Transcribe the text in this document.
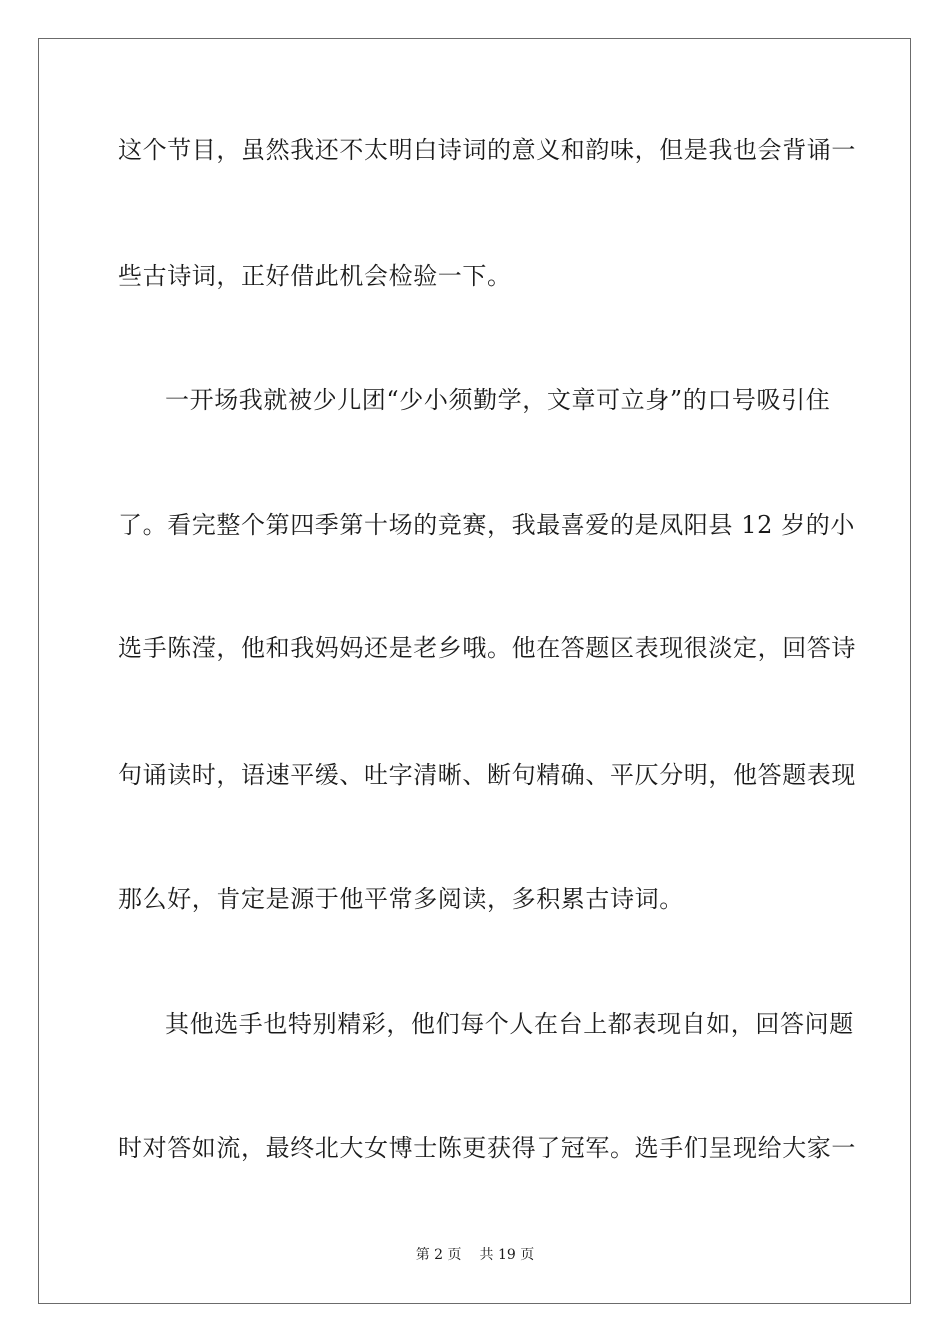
这个节目，虽然我还不太明白诗词的意义和韵味，但是我也会背诵一
些古诗词，正好借此机会检验一下。
一开场我就被少儿团“少小须勤学，文章可立身”的口号吸引住
了。看完整个第四季第十场的竞赛，我最喜爱的是凤阳县 12 岁的小
选手陈滢，他和我妈妈还是老乡哦。他在答题区表现很淡定，回答诗
句诵读时，语速平缓、吐字清晰、断句精确、平仄分明，他答题表现
那么好，肯定是源于他平常多阅读，多积累古诗词。
其他选手也特别精彩，他们每个人在台上都表现自如，回答问题
时对答如流，最终北大女博士陈更获得了冠军。选手们呈现给大家一
第 2 页 共 19 页
